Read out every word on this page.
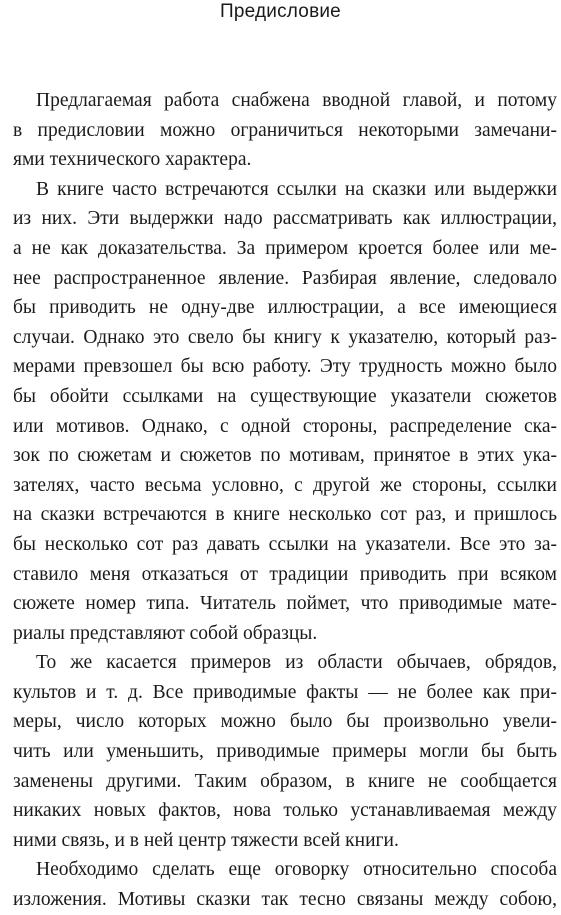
Предисловие
Предлагаемая работа снабжена вводной главой, и потому
в предисловии можно ограничиться некоторыми замечани-
ями технического характера.
В книге часто встречаются ссылки на сказки или выдержки
из них. Эти выдержки надо рассматривать как иллюстрации,
а не как доказательства. За примером кроется более или ме-
нее распространенное явление. Разбирая явление, следовало
бы приводить не одну-две иллюстрации, а все имеющиеся
случаи. Однако это свело бы книгу к указателю, который раз-
мерами превзошел бы всю работу. Эту трудность можно было
бы обойти ссылками на существующие указатели сюжетов
или мотивов. Однако, с одной стороны, распределение ска-
зок по сюжетам и сюжетов по мотивам, принятое в этих ука-
зателях, часто весьма условно, с другой же стороны, ссылки
на сказки встречаются в книге несколько сот раз, и пришлось
бы несколько сот раз давать ссылки на указатели. Все это за-
ставило меня отказаться от традиции приводить при всяком
сюжете номер типа. Читатель поймет, что приводимые мате-
риалы представляют собой образцы.
То же касается примеров из области обычаев, обрядов,
культов и т. д. Все приводимые факты — не более как при-
меры, число которых можно было бы произвольно увели-
чить или уменьшить, приводимые примеры могли бы быть
заменены другими. Таким образом, в книге не сообщается
никаких новых фактов, нова только устанавливаемая между
ними связь, и в ней центр тяжести всей книги.
Необходимо сделать еще оговорку относительно способа
изложения. Мотивы сказки так тесно связаны между собою,
